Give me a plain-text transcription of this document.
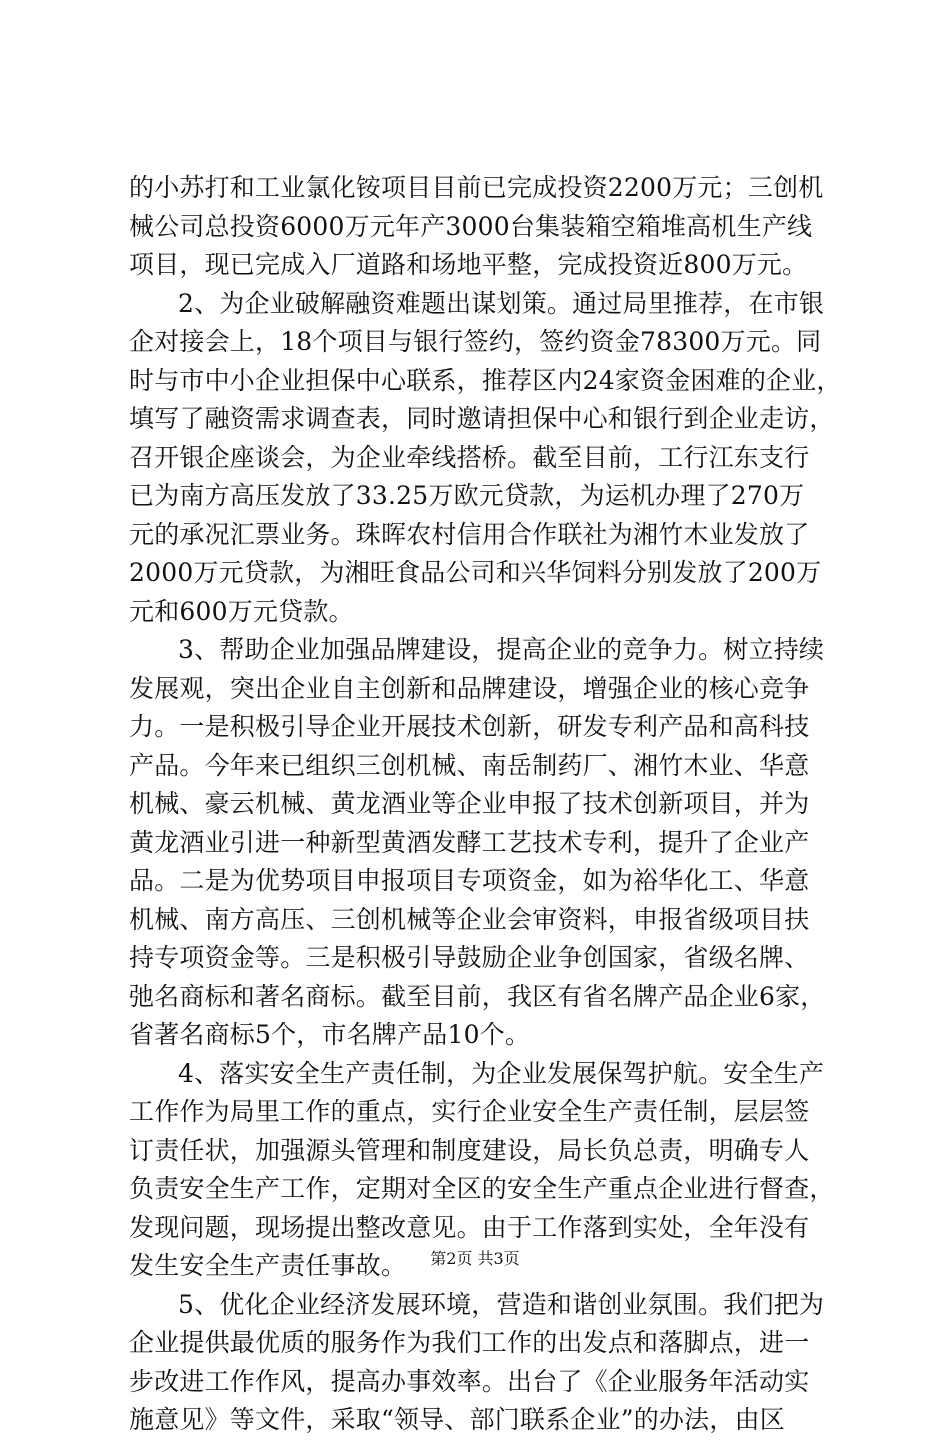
的小苏打和工业氯化铵项目目前已完成投资2200万元；三创机
械公司总投资6000万元年产3000台集装箱空箱堆高机生产线
项目，现已完成入厂道路和场地平整，完成投资近800万元。
2、为企业破解融资难题出谋划策。通过局里推荐，在市银
企对接会上，18个项目与银行签约，签约资金78300万元。同
时与市中小企业担保中心联系，推荐区内24家资金困难的企业，
填写了融资需求调查表，同时邀请担保中心和银行到企业走访，
召开银企座谈会，为企业牵线搭桥。截至目前，工行江东支行
已为南方高压发放了33.25万欧元贷款，为运机办理了270万
元的承况汇票业务。珠晖农村信用合作联社为湘竹木业发放了
2000万元贷款，为湘旺食品公司和兴华饲料分别发放了200万
元和600万元贷款。
3、帮助企业加强品牌建设，提高企业的竞争力。树立持续
发展观，突出企业自主创新和品牌建设，增强企业的核心竞争
力。一是积极引导企业开展技术创新，研发专利产品和高科技
产品。今年来已组织三创机械、南岳制药厂、湘竹木业、华意
机械、豪云机械、黄龙酒业等企业申报了技术创新项目，并为
黄龙酒业引进一种新型黄酒发酵工艺技术专利，提升了企业产
品。二是为优势项目申报项目专项资金，如为裕华化工、华意
机械、南方高压、三创机械等企业会审资料，申报省级项目扶
持专项资金等。三是积极引导鼓励企业争创国家，省级名牌、
弛名商标和著名商标。截至目前，我区有省名牌产品企业6家，
省著名商标5个，市名牌产品10个。
4、落实安全生产责任制，为企业发展保驾护航。安全生产
工作作为局里工作的重点，实行企业安全生产责任制，层层签
订责任状，加强源头管理和制度建设，局长负总责，明确专人
负责安全生产工作，定期对全区的安全生产重点企业进行督查，
发现问题，现场提出整改意见。由于工作落到实处，全年没有
发生安全生产责任事故。
5、优化企业经济发展环境，营造和谐创业氛围。我们把为
企业提供最优质的服务作为我们工作的出发点和落脚点，进一
步改进工作作风，提高办事效率。出台了《企业服务年活动实
施意见》等文件，采取“领导、部门联系企业”的办法，由区
第2页 共3页
